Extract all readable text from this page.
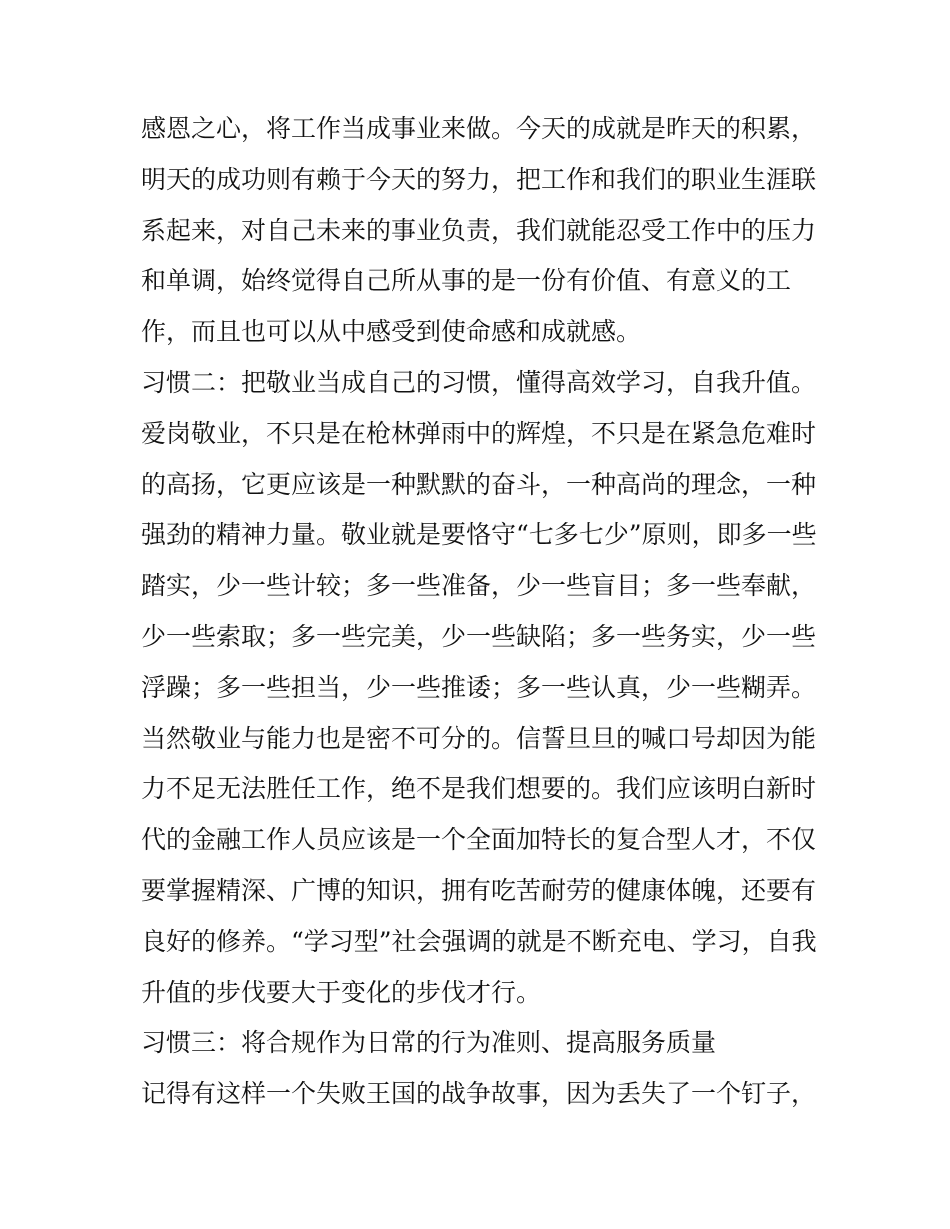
感恩之心，将工作当成事业来做。今天的成就是昨天的积累，
明天的成功则有赖于今天的努力，把工作和我们的职业生涯联
系起来，对自己未来的事业负责，我们就能忍受工作中的压力
和单调，始终觉得自己所从事的是一份有价值、有意义的工
作，而且也可以从中感受到使命感和成就感。
习惯二：把敬业当成自己的习惯，懂得高效学习，自我升值。
爱岗敬业，不只是在枪林弹雨中的辉煌，不只是在紧急危难时
的高扬，它更应该是一种默默的奋斗，一种高尚的理念，一种
强劲的精神力量。敬业就是要恪守“七多七少”原则，即多一些
踏实，少一些计较；多一些准备，少一些盲目；多一些奉献，
少一些索取；多一些完美，少一些缺陷；多一些务实，少一些
浮躁；多一些担当，少一些推诿；多一些认真，少一些糊弄。
当然敬业与能力也是密不可分的。信誓旦旦的喊口号却因为能
力不足无法胜任工作，绝不是我们想要的。我们应该明白新时
代的金融工作人员应该是一个全面加特长的复合型人才，不仅
要掌握精深、广博的知识，拥有吃苦耐劳的健康体魄，还要有
良好的修养。“学习型”社会强调的就是不断充电、学习，自我
升值的步伐要大于变化的步伐才行。
习惯三：将合规作为日常的行为准则、提高服务质量
记得有这样一个失败王国的战争故事，因为丢失了一个钉子，
